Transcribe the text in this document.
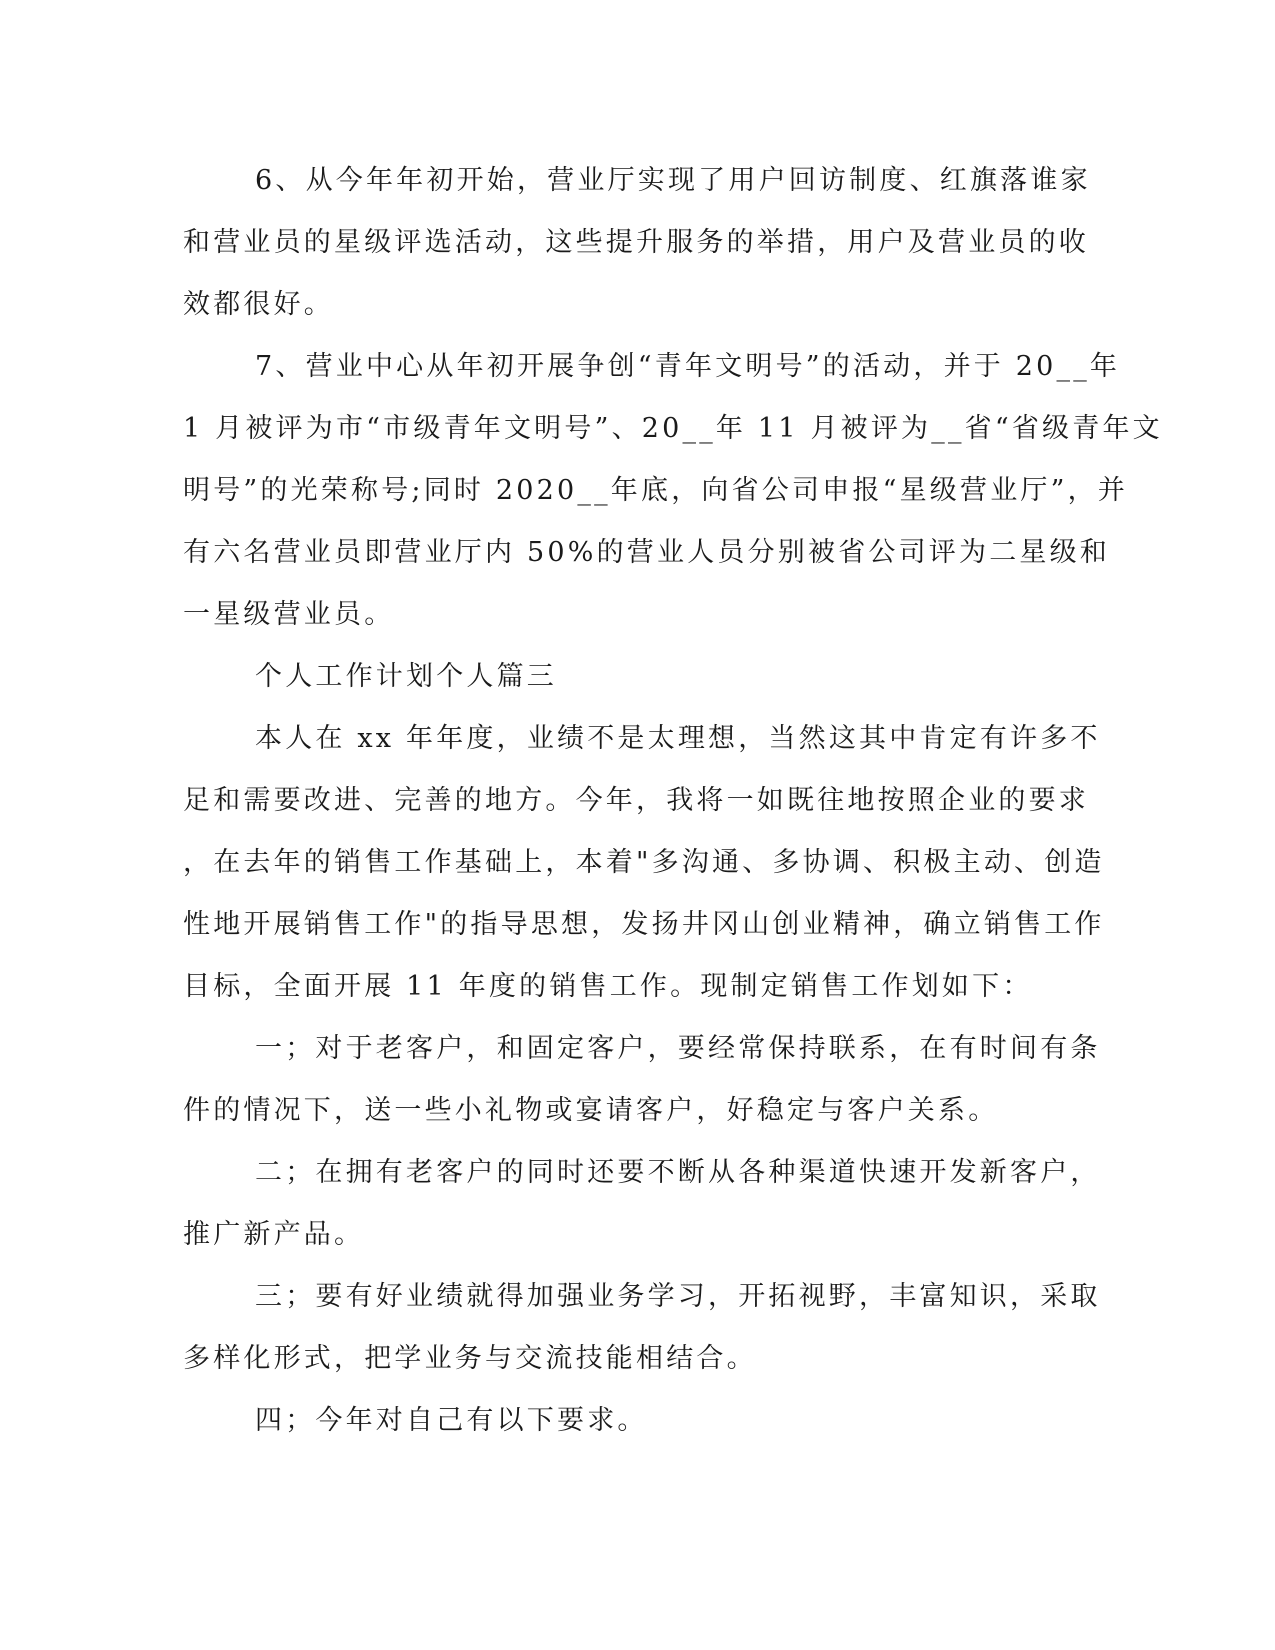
6、从今年年初开始，营业厅实现了用户回访制度、红旗落谁家
和营业员的星级评选活动，这些提升服务的举措，用户及营业员的收
效都很好。
7、营业中心从年初开展争创“青年文明号”的活动，并于 20__年
1 月被评为市“市级青年文明号”、20__年 11 月被评为__省“省级青年文
明号”的光荣称号;同时 2020__年底，向省公司申报“星级营业厅”，并
有六名营业员即营业厅内 50%的营业人员分别被省公司评为二星级和
一星级营业员。
个人工作计划个人篇三
本人在 xx 年年度，业绩不是太理想，当然这其中肯定有许多不
足和需要改进、完善的地方。今年，我将一如既往地按照企业的要求
，在去年的销售工作基础上，本着"多沟通、多协调、积极主动、创造
性地开展销售工作"的指导思想，发扬井冈山创业精神，确立销售工作
目标，全面开展 11 年度的销售工作。现制定销售工作划如下：
一；对于老客户，和固定客户，要经常保持联系，在有时间有条
件的情况下，送一些小礼物或宴请客户，好稳定与客户关系。
二；在拥有老客户的同时还要不断从各种渠道快速开发新客户，
推广新产品。
三；要有好业绩就得加强业务学习，开拓视野，丰富知识，采取
多样化形式，把学业务与交流技能相结合。
四；今年对自己有以下要求。
